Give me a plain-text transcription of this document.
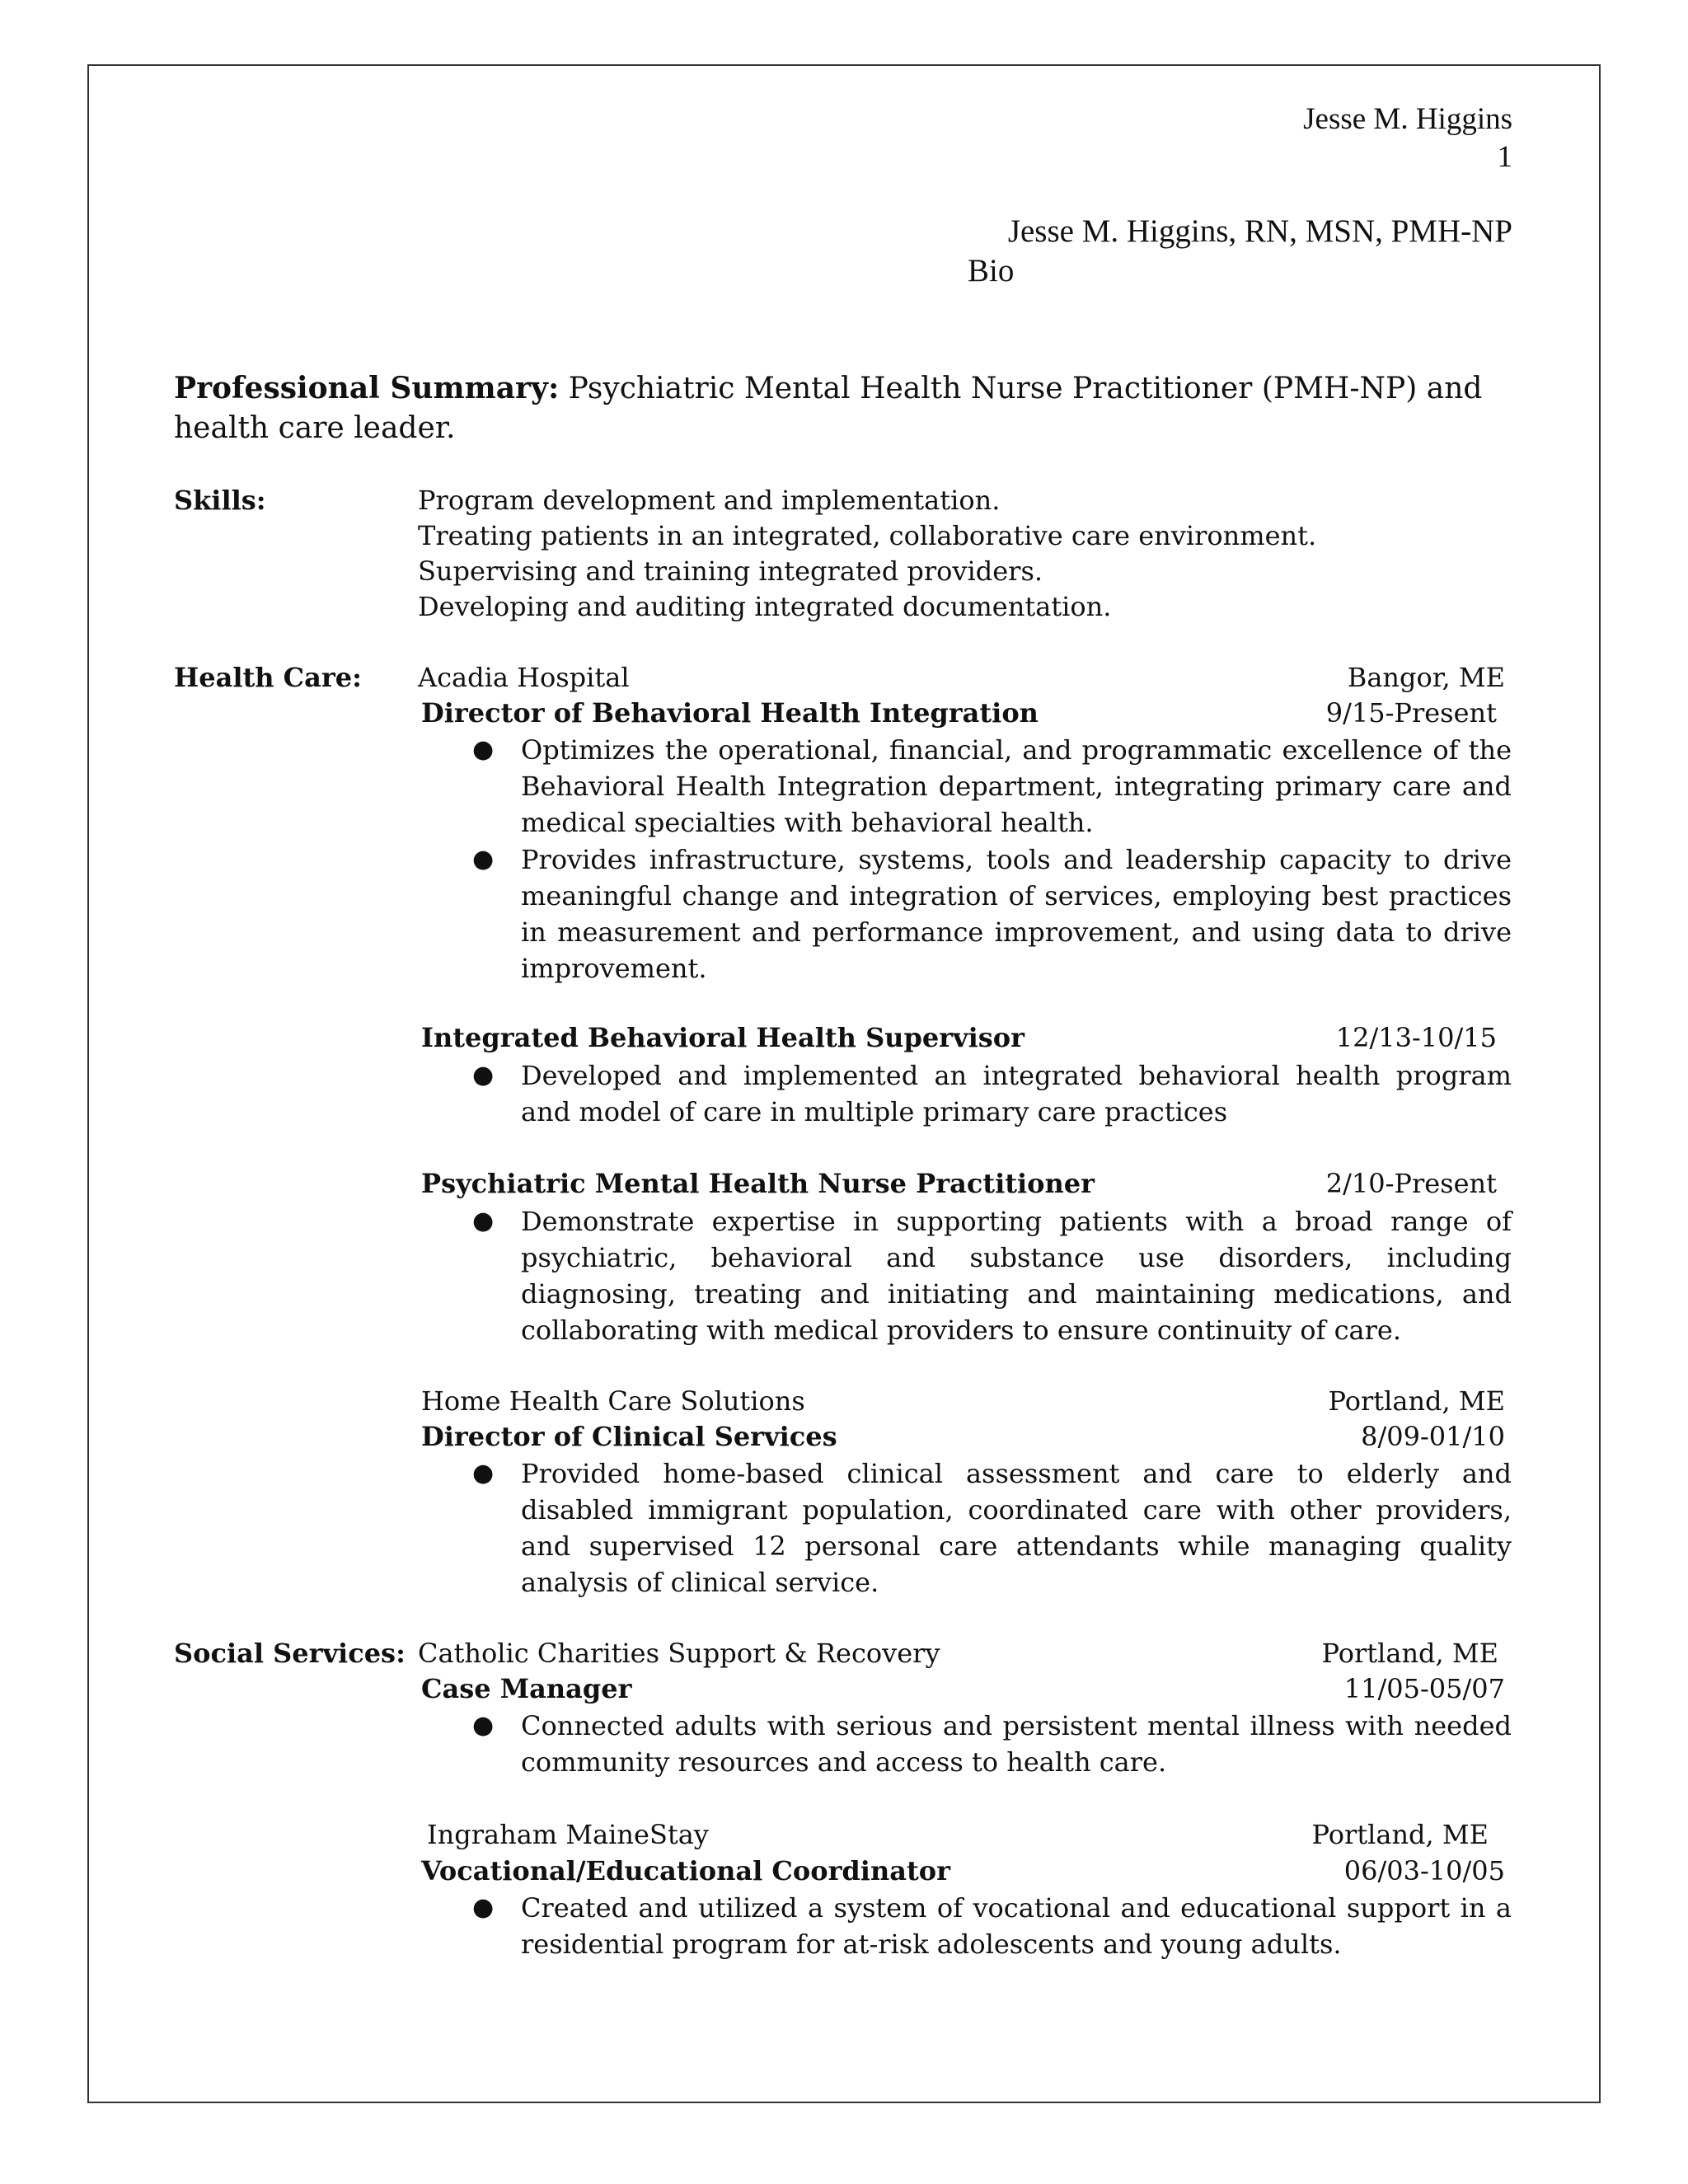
Jesse M. Higgins
1
Jesse M. Higgins, RN, MSN, PMH-NP
Bio
Professional Summary: Psychiatric Mental Health Nurse Practitioner (PMH-NP) and health care leader.
Skills:	Program development and implementation.
Treating patients in an integrated, collaborative care environment.
Supervising and training integrated providers.
Developing and auditing integrated documentation.
Health Care: Acadia Hospital	Bangor, ME
Director of Behavioral Health Integration	9/15-Present
● Optimizes the operational, financial, and programmatic excellence of the Behavioral Health Integration department, integrating primary care and medical specialties with behavioral health.
● Provides infrastructure, systems, tools and leadership capacity to drive meaningful change and integration of services, employing best practices in measurement and performance improvement, and using data to drive improvement.
Integrated Behavioral Health Supervisor	12/13-10/15
● Developed and implemented an integrated behavioral health program and model of care in multiple primary care practices
Psychiatric Mental Health Nurse Practitioner	2/10-Present
● Demonstrate expertise in supporting patients with a broad range of psychiatric, behavioral and substance use disorders, including diagnosing, treating and initiating and maintaining medications, and collaborating with medical providers to ensure continuity of care.
Home Health Care Solutions	Portland, ME
Director of Clinical Services	8/09-01/10
● Provided home-based clinical assessment and care to elderly and disabled immigrant population, coordinated care with other providers, and supervised 12 personal care attendants while managing quality analysis of clinical service.
Social Services: Catholic Charities Support & Recovery	Portland, ME
Case Manager	11/05-05/07
● Connected adults with serious and persistent mental illness with needed community resources and access to health care.
Ingraham MaineStay	Portland, ME
Vocational/Educational Coordinator	06/03-10/05
● Created and utilized a system of vocational and educational support in a residential program for at-risk adolescents and young adults.
